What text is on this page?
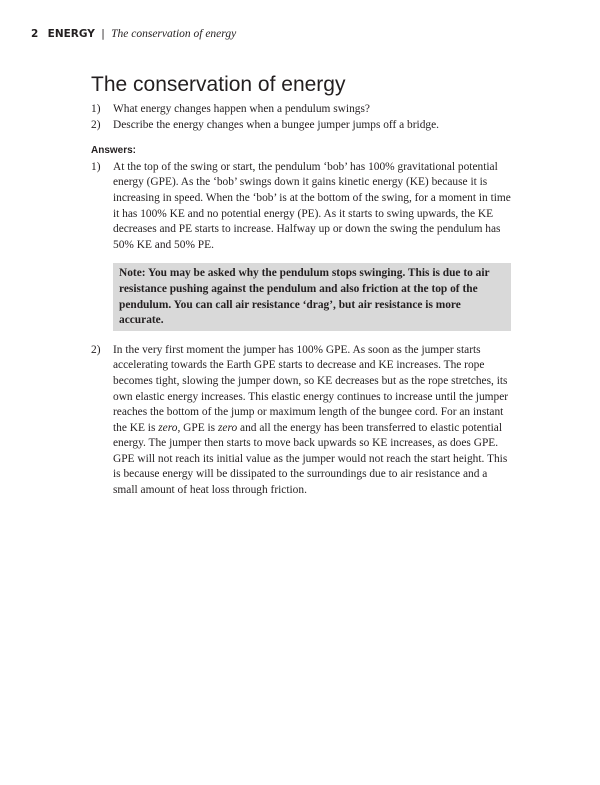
2 ENERGY | The conservation of energy
The conservation of energy
1) What energy changes happen when a pendulum swings?
2) Describe the energy changes when a bungee jumper jumps off a bridge.
Answers:
1) At the top of the swing or start, the pendulum ‘bob’ has 100% gravitational potential energy (GPE). As the ‘bob’ swings down it gains kinetic energy (KE) because it is increasing in speed. When the ‘bob’ is at the bottom of the swing, for a moment in time it has 100% KE and no potential energy (PE). As it starts to swing upwards, the KE decreases and PE starts to increase. Halfway up or down the swing the pendulum has 50% KE and 50% PE.
Note: You may be asked why the pendulum stops swinging. This is due to air resistance pushing against the pendulum and also friction at the top of the pendulum. You can call air resistance ‘drag’, but air resistance is more accurate.
2) In the very first moment the jumper has 100% GPE. As soon as the jumper starts accelerating towards the Earth GPE starts to decrease and KE increases. The rope becomes tight, slowing the jumper down, so KE decreases but as the rope stretches, its own elastic energy increases. This elastic energy continues to increase until the jumper reaches the bottom of the jump or maximum length of the bungee cord. For an instant the KE is zero, GPE is zero and all the energy has been transferred to elastic potential energy. The jumper then starts to move back upwards so KE increases, as does GPE. GPE will not reach its initial value as the jumper would not reach the start height. This is because energy will be dissipated to the surroundings due to air resistance and a small amount of heat loss through friction.
